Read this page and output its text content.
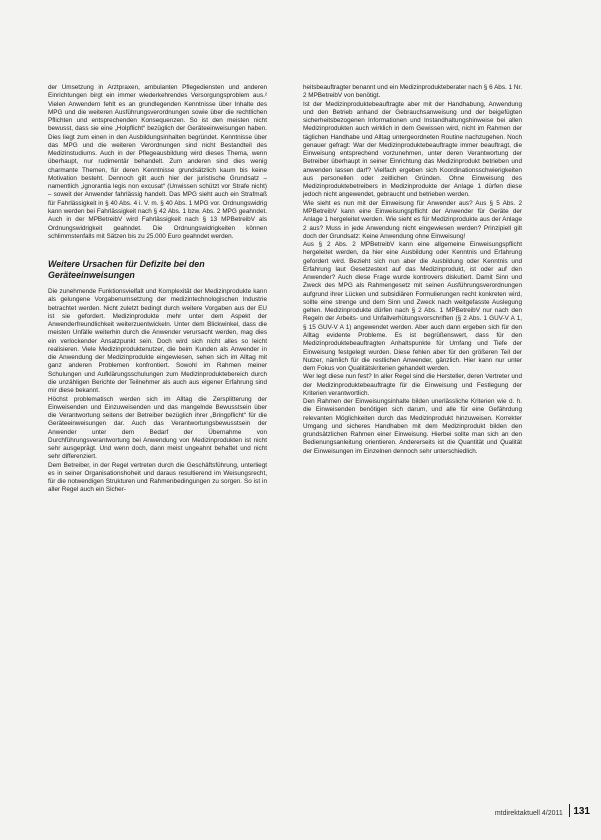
der Umsetzung in Arztpraxen, ambulanten Pflegediensten und anderen Einrichtungen birgt ein immer wiederkehrendes Versorgungsproblem aus.² Vielen Anwendern fehlt es an grundlegenden Kenntnisse über Inhalte des MPG und die weiteren Ausführungsverordnungen sowie über die rechtlichen Pflichten und entsprechenden Konsequenzen. So ist den meisten nicht bewusst, dass sie eine „Holpflicht“ bezüglich der Geräteeinweisungen haben. Dies liegt zum einen in den Ausbildungsinhalten begründet. Kenntnisse über das MPG und die weiteren Verordnungen sind nicht Bestandteil des Medizinstudiums. Auch in der Pflegeausbildung wird dieses Thema, wenn überhaupt, nur rudimentär behandelt. Zum anderen sind dies wenig charmante Themen, für deren Kenntnisse grundsätzlich kaum bis keine Motivation besteht. Dennoch gilt auch hier der juristische Grundsatz – namentlich „ignorantia legis non excusat“ (Unwissen schützt vor Strafe nicht) – soweit der Anwender fahrlässig handelt. Das MPG sieht auch ein Strafmaß für Fahrlässigkeit in § 40 Abs. 4 i. V. m. § 40 Abs. 1 MPG vor. Ordnungswidrig kann werden bei Fahrlässigkeit nach § 42 Abs. 1 bzw. Abs. 2 MPG geahndet. Auch in der MPBetreibV wird Fahrlässigkeit nach § 13 MPBetreibV als Ordnungswidrigkeit geahndet. Die Ordnungswidrigkeiten können schlimmstenfalls mit Sätzen bis zu 25.000 Euro geahndet werden.

Weitere Ursachen für Defizite bei den Geräteeinweisungen

Die zunehmende Funktionsvielfalt und Komplexität der Medizinprodukte kann als gelungene Vorgabenumsetzung der medizintechnologischen Industrie betrachtet werden. Nicht zuletzt bedingt durch weitere Vorgaben aus der EU ist sie gefordert. Medizinprodukte mehr unter dem Aspekt der Anwenderfreundlichkeit weiterzuentwickeln. Unter dem Blickwinkel, dass die meisten Unfälle weiterhin durch die Anwender verursacht werden, mag dies ein verlockender Ansatzpunkt sein. Doch wird sich nicht alles so leicht realisieren. Viele Medizinproduktenutzer, die beim Kunden als Anwender in die Anwendung der Medizinprodukte eingewiesen, sehen sich im Alltag mit ganz anderen Problemen konfrontiert. Sowohl im Rahmen meiner Schulungen und Aufklärungsschulungen zum Medizinproduktebereich durch die unzähligen Berichte der Teilnehmer als auch aus eigener Erfahrung sind mir diese bekannt.

Höchst problematisch werden sich im Alltag die Zersplitterung der Einweisenden und Einzuweisenden und das mangelnde Bewusstsein über die Verantwortung seitens der Betreiber bezüglich ihrer „Bringpflicht“ für die Geräteeinweisungen dar. Auch das Verantwortungsbewusstsein der Anwender unter dem Bedarf der Übernahme von Durchführungsverantwortung bei Anwendung von Medizinprodukten ist nicht sehr ausgeprägt. Und wenn doch, dann meist ungeahnt behaftet und nicht sehr differenziert.

Dem Betreiber, in der Regel vertreten durch die Geschäftsführung, unterliegt es in seiner Organisationshoheit und daraus resultierend im Weisungsrecht, für die notwendigen Strukturen und Rahmenbedingungen zu sorgen. So ist in aller Regel auch ein Sicher-

heitsbeauftragter benannt und ein Medizinprodukteberater nach § 6 Abs. 1 Nr. 2 MPBetreibV von benötigt.

Ist der Medizinproduktebeauftragte aber mit der Handhabung, Anwendung und den Betrieb anhand der Gebrauchsanweisung und der beigefügten sicherheitsbezogenen Informationen und Instandhaltungshinweise bei allen Medizinprodukten auch wirklich in dem Gewissen wird, nicht im Rahmen der täglichen Handhabe und Alltag untergeordneten Routine nachzugehen. Noch genauer gefragt: War der Medizinproduktebeauftragte immer beauftragt, die Einweisung entsprechend vorzunehmen, unter deren Verantwortung der Betreiber überhaupt in seiner Einrichtung das Medizinprodukt betrieben und anwenden lassen darf? Vielfach ergeben sich Koordinationsschwierigkeiten aus personellen oder zeitlichen Gründen. Ohne Einweisung des Medizinproduktebetreibers in Medizinprodukte der Anlage 1 dürfen diese jedoch nicht angewendet, gebraucht und betrieben werden.

Wie sieht es nun mit der Einweisung für Anwender aus? Aus § 5 Abs. 2 MPBetreibV kann eine Einweisungspflicht der Anwender für Geräte der Anlage 1 hergeleitet werden. Wie sieht es für Medizinprodukte aus der Anlage 2 aus? Muss in jede Anwendung nicht eingewiesen werden? Prinzipiell gilt doch der Grundsatz: Keine Anwendung ohne Einweisung!

Aus § 2 Abs. 2 MPBetreibV kann eine allgemeine Einweisungspflicht hergeleitet werden, da hier eine Ausbildung oder Kenntnis und Erfahrung gefordert wird. Bezieht sich nun aber die Ausbildung oder Kenntnis und Erfahrung laut Gesetzestext auf das Medizinprodukt, ist oder auf den Anwender? Auch diese Frage wurde kontrovers diskutiert. Damit Sinn und Zweck des MPG als Rahmengesetz mit seinen Ausführungsverordnungen aufgrund ihrer Lücken und subsidiären Formulierungen recht konkreten wird, sollte eine strenge und dem Sinn und Zweck nach weitgefasste Auslegung gelten. Medizinprodukte dürfen nach § 2 Abs. 1 MPBetreibV nur nach den Regeln der Arbeits- und Unfallverhütungsvorschriften (§ 2 Abs. 1 GUV-V A 1, § 15 GUV-V A 1) angewendet werden. Aber auch dann ergeben sich für den Alltag evidente Probleme. Es ist begrüßenswert, dass für den Medizinproduktebeauftragten Anhaltspunkte für Umfang und Tiefe der Einweisung festgelegt wurden. Diese fehlen aber für den größeren Teil der Nutzer, nämlich für die restlichen Anwender, gänzlich. Hier kann nur unter dem Fokus von Qualitätskriterien gehandelt werden.

Wer legt diese nun fest? In aller Regel sind die Hersteller, deren Vertreter und der Medizinproduktebeauftragte für die Einweisung und Festlegung der Kriterien verantwortlich.

Den Rahmen der Einweisungsinhalte bilden unerlässliche Kriterien wie d. h. die Einweisenden benötigen sich darum, und alle für eine Gefährdung relevanten Möglichkeiten durch das Medizinprodukt hinzuweisen. Korrekter Umgang und sicheres Handhaben mit dem Medizinprodukt bilden den grundsätzlichen Rahmen einer Einweisung. Hierbei sollte man sich an den Bedienungsanleitung orientieren. Andererseits ist die Quantität und Qualität der Einweisungen im Einzelnen dennoch sehr unterschiedlich.

mtdirektaktuell 4/2011 131
